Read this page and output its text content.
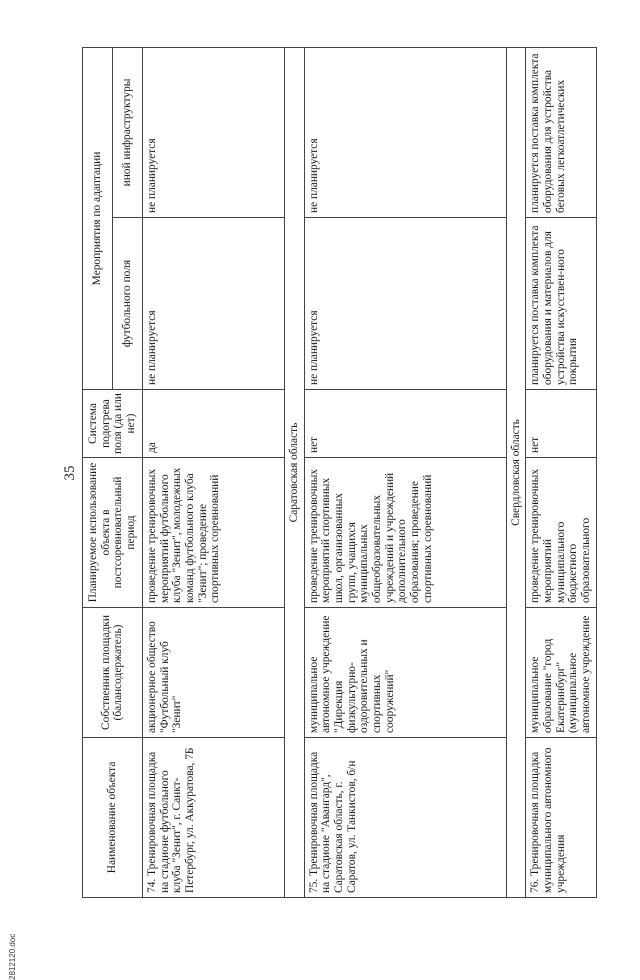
35
Наименование объекта	Собственник площадки (балансодержатель)	Планируемое использование объекта в постсоревновательный период	Система подогрева поля (да или нет)	Мероприятия по адаптации	
				футбольного поля	иной инфраструктуры
74. Тренировочная площадка на стадионе футбольного клуба "Зенит", г. Санкт-Петербург, ул. Аккуратова, 7Б	акционерное общество "Футбольный клуб "Зенит"	проведение тренировочных мероприятий футбольного клуба "Зенит", молодежных команд футбольного клуба "Зенит"; проведение спортивных соревнований	да	не планируется	не планируется
Саратовская область					
75. Тренировочная площадка на стадионе "Авангард", Саратовская область, г. Саратов, ул. Танкистов, б/н	муниципальное автономное учреждение "Дирекция физкультурно-оздоровительных и спортивных сооружений"	проведение тренировочных мероприятий спортивных школ, организованных групп, учащихся муниципальных общеобразовательных учреждений и учреждений дополнительного образования; проведение спортивных соревнований	нет	не планируется	не планируется
Свердловская область					
76. Тренировочная площадка муниципального автономного учреждения	муниципальное образование "город Екатеринбург" (муниципальное автономное учреждение	проведение тренировочных мероприятий муниципального бюджетного образовательного	нет	планируется поставка комплекта оборудования и материалов для устройства искусствен-ного покрытия	планируется поставка комплекта оборудования для устройства беговых легкоатлетических
2812120.doc
